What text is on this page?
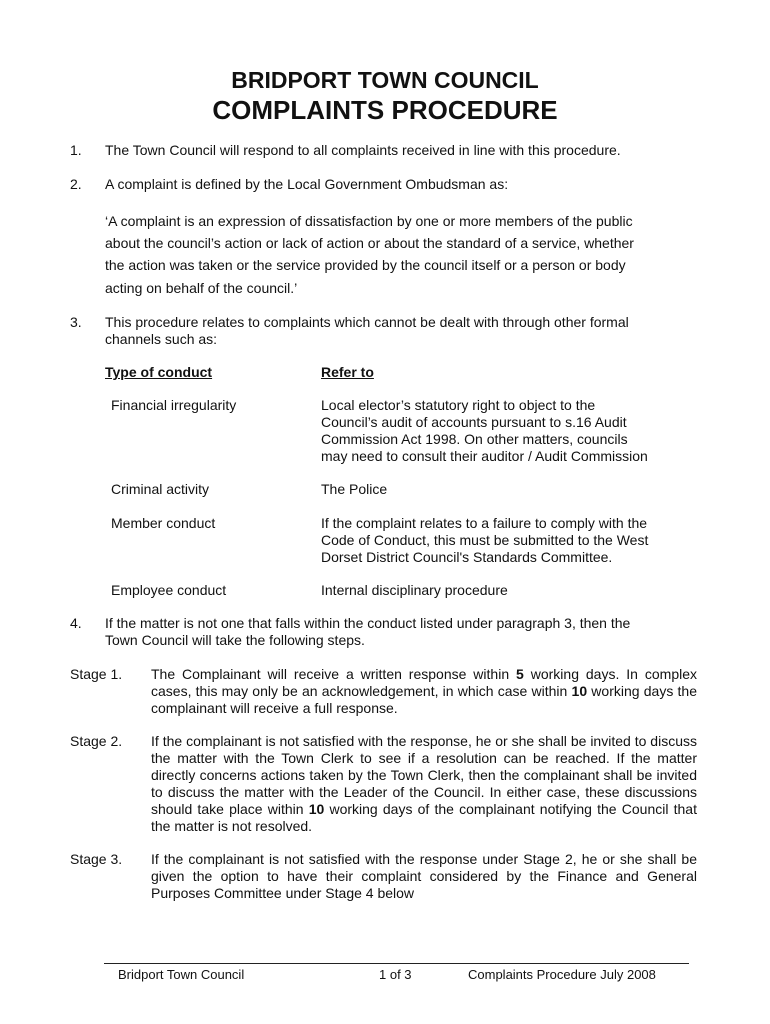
BRIDPORT TOWN COUNCIL
COMPLAINTS PROCEDURE
1. The Town Council will respond to all complaints received in line with this procedure.
2. A complaint is defined by the Local Government Ombudsman as:
‘A complaint is an expression of dissatisfaction by one or more members of the public
about the council’s action or lack of action or about the standard of a service, whether
the action was taken or the service provided by the council itself or a person or body
acting on behalf of the council.’
3. This procedure relates to complaints which cannot be dealt with through other formal
channels such as:
Type of conduct	Refer to
Financial irregularity	Local elector’s statutory right to object to the
Council’s audit of accounts pursuant to s.16 Audit
Commission Act 1998. On other matters, councils
may need to consult their auditor / Audit Commission
Criminal activity	The Police
Member conduct	If the complaint relates to a failure to comply with the
Code of Conduct, this must be submitted to the West
Dorset District Council's Standards Committee.
Employee conduct	Internal disciplinary procedure
4. If the matter is not one that falls within the conduct listed under paragraph 3, then the
Town Council will take the following steps.
Stage 1. The Complainant will receive a written response within 5 working days. In complex cases, this may only be an acknowledgement, in which case within 10 working days the complainant will receive a full response.
Stage 2. If the complainant is not satisfied with the response, he or she shall be invited to discuss the matter with the Town Clerk to see if a resolution can be reached. If the matter directly concerns actions taken by the Town Clerk, then the complainant shall be invited to discuss the matter with the Leader of the Council. In either case, these discussions should take place within 10 working days of the complainant notifying the Council that the matter is not resolved.
Stage 3. If the complainant is not satisfied with the response under Stage 2, he or she shall be given the option to have their complaint considered by the Finance and General Purposes Committee under Stage 4 below
Bridport Town Council	1 of 3	Complaints Procedure July 2008
